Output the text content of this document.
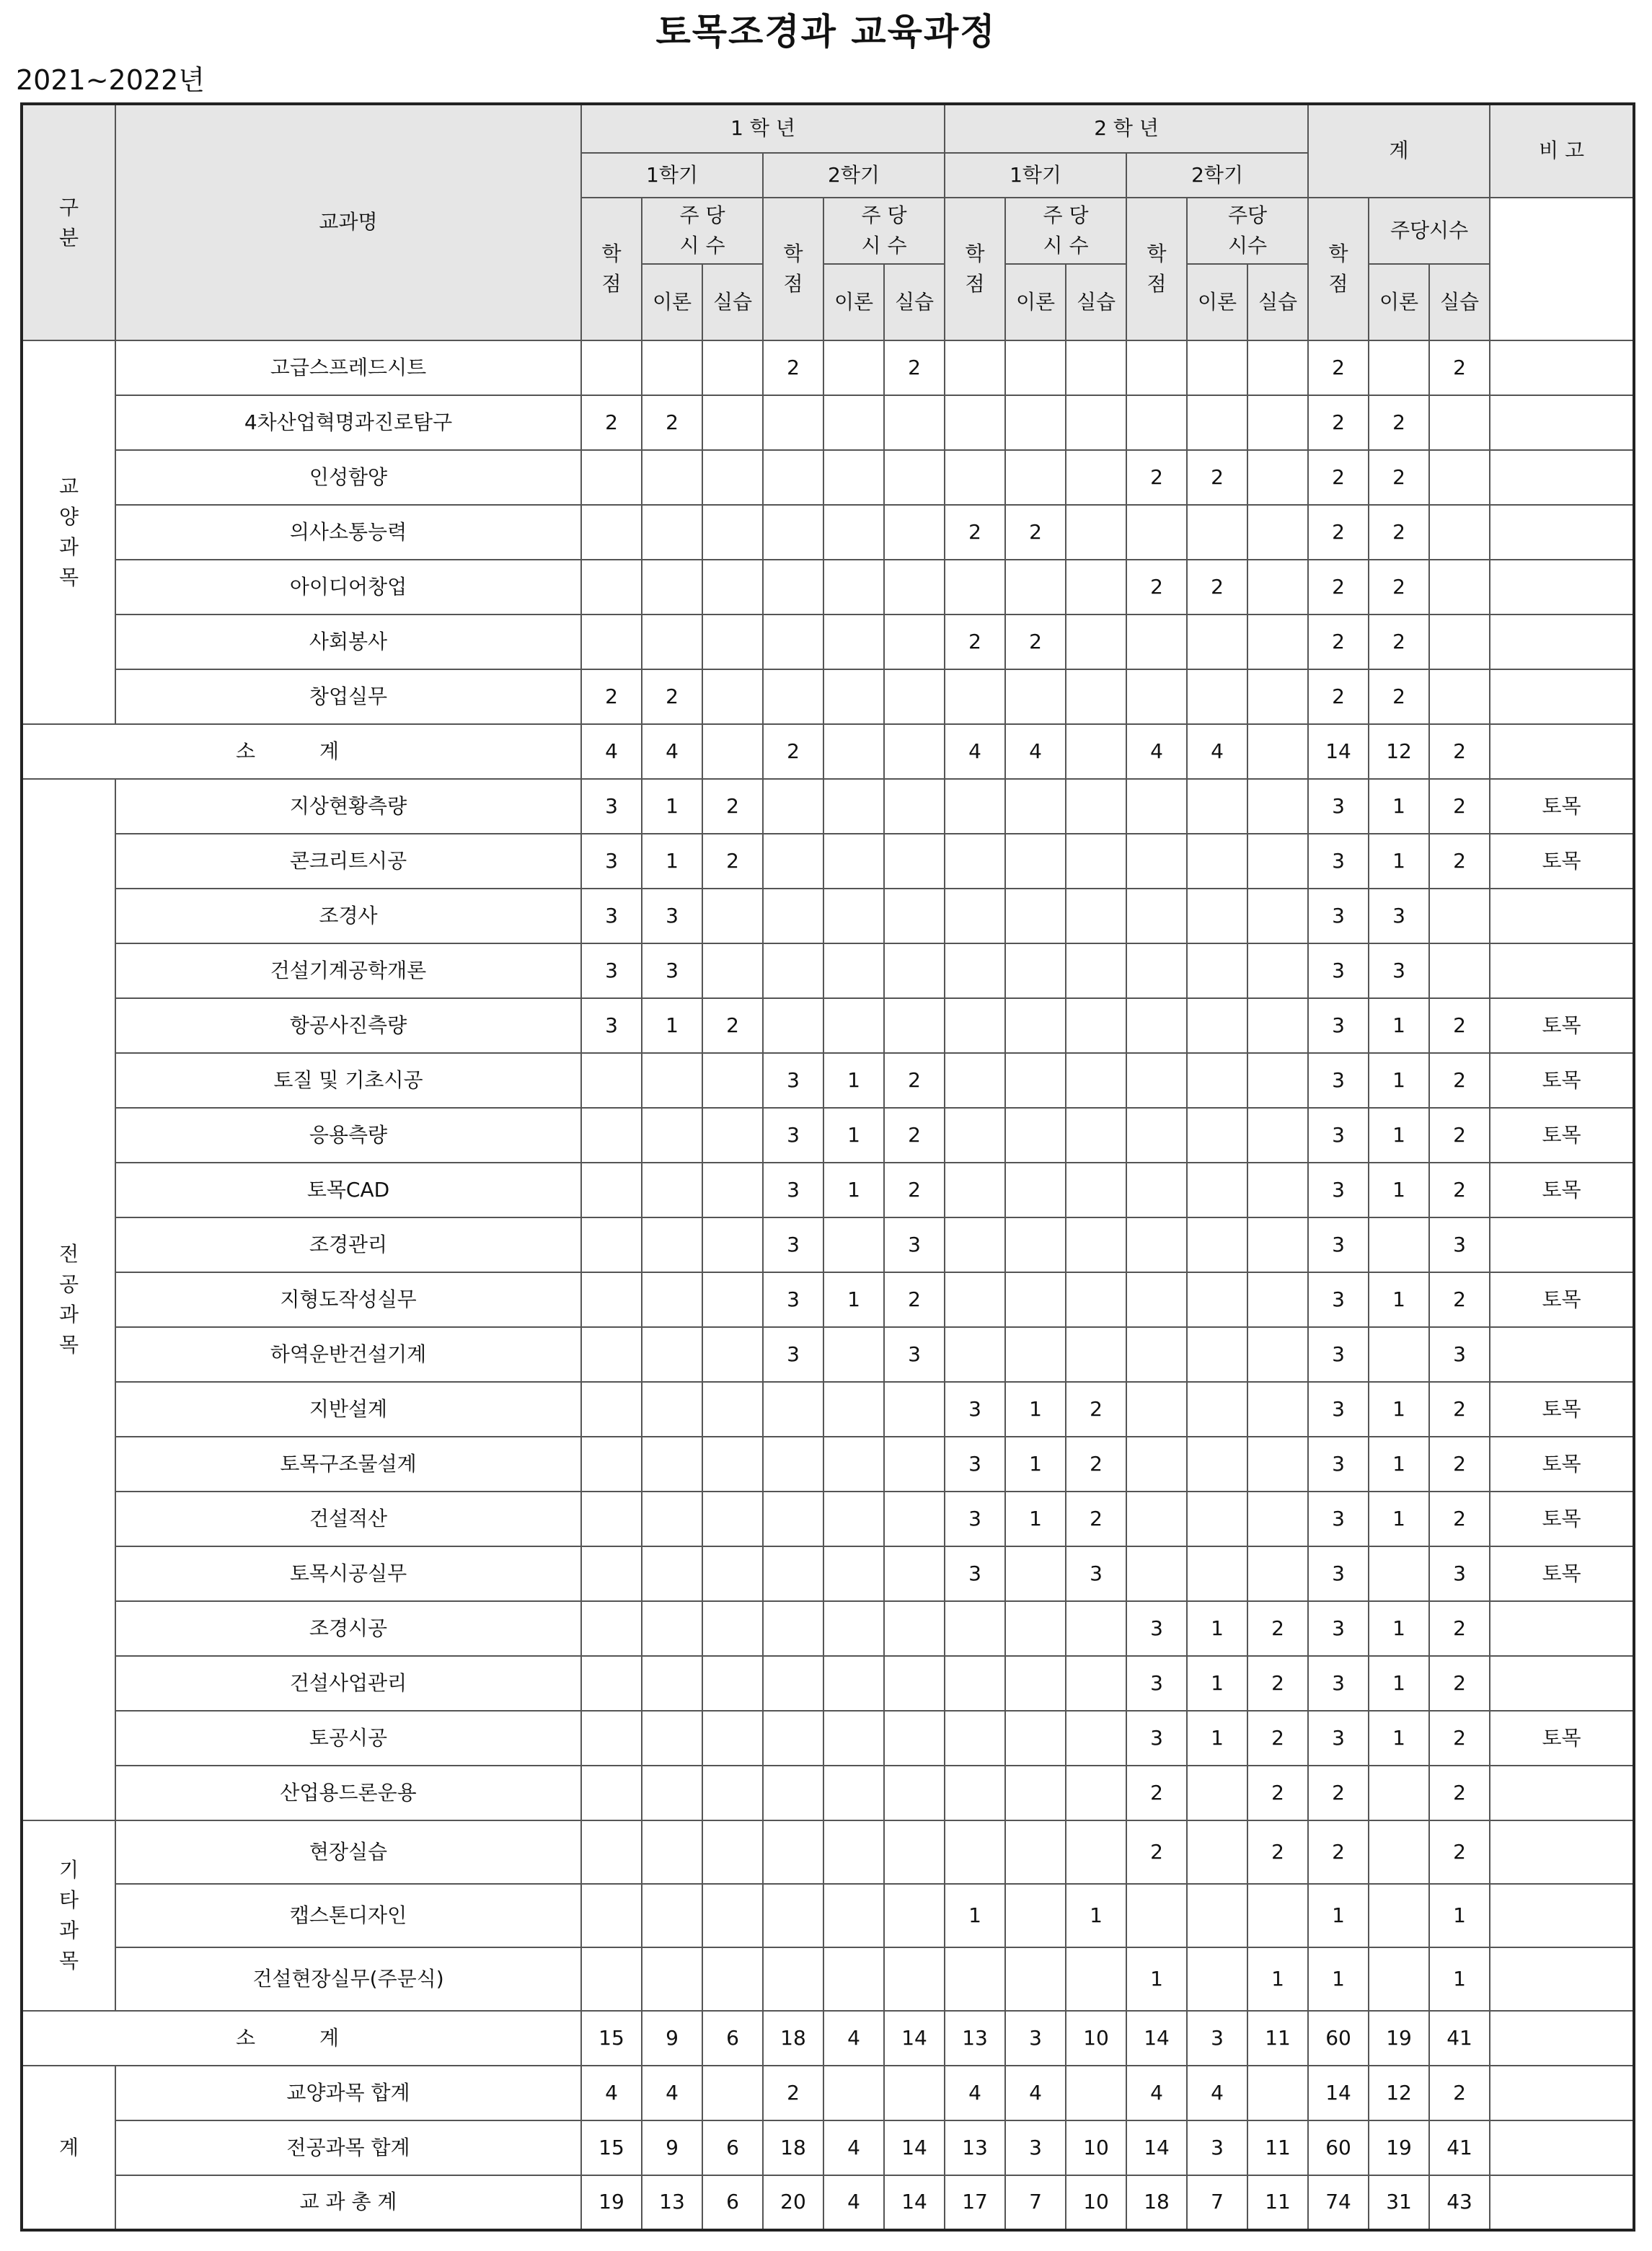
토목조경과 교육과정
2021~2022년
구분	교과명	1 학 년						2 학 년						계			비 고
		1학기			2학기			1학기			2학기						
		학점	주 당 시 수		학점	주 당 시 수		학점	주 당 시 수		학점	주당 시수		학점	주당시수		
			이론	실습		이론	실습		이론	실습		이론	실습		이론	실습	
교양과목	고급스프레드시트				2		2							2		2	
	4차산업혁명과진로탐구	2	2											2	2		
	인성함양										2	2		2	2		
	의사소통능력							2	2					2	2		
	아이디어창업										2	2		2	2		
	사회봉사							2	2					2	2		
	창업실무	2	2											2	2		
소 계		4	4		2			4	4		4	4		14	12	2	
전공과목	지상현황측량	3	1	2										3	1	2	토목
	콘크리트시공	3	1	2										3	1	2	토목
	조경사	3	3											3	3		
	건설기계공학개론	3	3											3	3		
	항공사진측량	3	1	2										3	1	2	토목
	토질 및 기초시공				3	1	2							3	1	2	토목
	응용측량				3	1	2							3	1	2	토목
	토목CAD				3	1	2							3	1	2	토목
	조경관리				3		3							3		3	
	지형도작성실무				3	1	2							3	1	2	토목
	하역운반건설기계				3		3							3		3	
	지반설계							3	1	2				3	1	2	토목
	토목구조물설계							3	1	2				3	1	2	토목
	건설적산							3	1	2				3	1	2	토목
	토목시공실무							3		3				3		3	토목
	조경시공										3	1	2	3	1	2	
	건설사업관리										3	1	2	3	1	2	
	토공시공										3	1	2	3	1	2	토목
	산업용드론운용										2		2	2		2	
기타과목	현장실습										2		2	2		2	
	캡스톤디자인							1		1				1		1	
	건설현장실무(주문식)										1		1	1		1	
소 계		15	9	6	18	4	14	13	3	10	14	3	11	60	19	41	
계	교양과목 합계	4	4		2			4	4		4	4		14	12	2	
	전공과목 합계	15	9	6	18	4	14	13	3	10	14	3	11	60	19	41	
	교 과 총 계	19	13	6	20	4	14	17	7	10	18	7	11	74	31	43	
